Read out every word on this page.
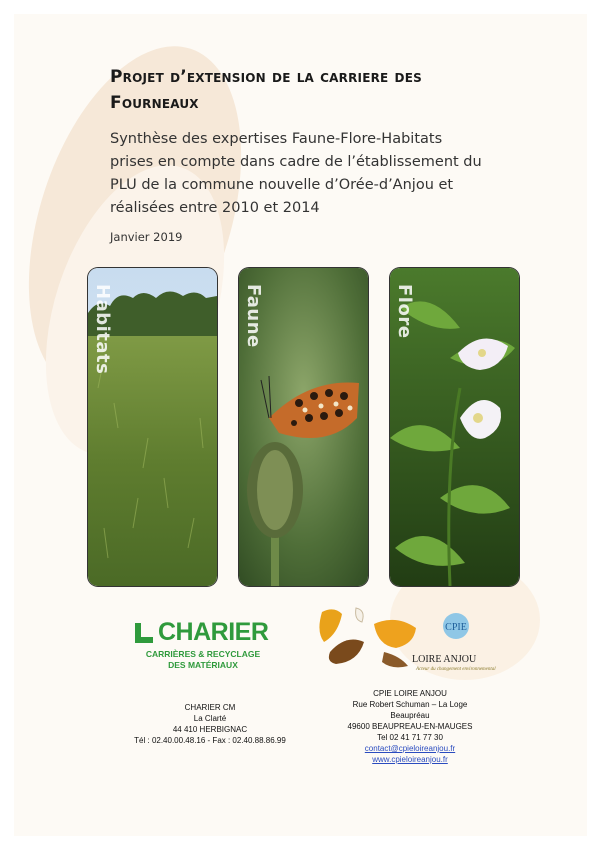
Projet d’extension de la carriere des
Fourneaux
Synthèse des expertises Faune-Flore-Habitats
prises en compte dans cadre de l’établissement du
PLU de la commune nouvelle d’Orée-d’Anjou et
réalisées entre 2010 et 2014
Janvier 2019
Habitats	Faune	Flore
CHARIER
CARRIÈRES & RECYCLAGE
DES MATÉRIAUX
CPIE
LOIRE ANJOU
Acteur du changement environnemental
CHARIER CM
La Clarté
44 410 HERBIGNAC
Tél : 02.40.00.48.16 - Fax : 02.40.88.86.99
CPIE LOIRE ANJOU
Rue Robert Schuman – La Loge
Beaupréau
49600 BEAUPREAU-EN-MAUGES
Tel 02 41 71 77 30
contact@cpieloireanjou.fr
www.cpieloireanjou.fr
